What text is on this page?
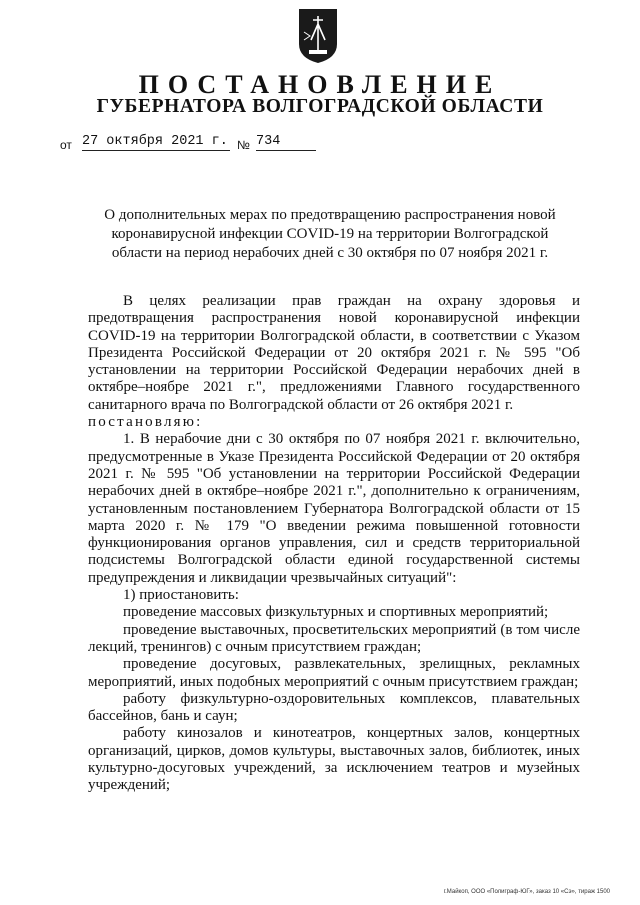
ПОСТАНОВЛЕНИЕ
ГУБЕРНАТОРА ВОЛГОГРАДСКОЙ ОБЛАСТИ
от 27 октября 2021 г. № 734
О дополнительных мерах по предотвращению распространения новой коронавирусной инфекции COVID-19 на территории Волгоградской области на период нерабочих дней с 30 октября по 07 ноября 2021 г.

В целях реализации прав граждан на охрану здоровья и предотвращения распространения новой коронавирусной инфекции COVID-19 на территории Волгоградской области, в соответствии с Указом Президента Российской Федерации от 20 октября 2021 г. № 595 "Об установлении на территории Российской Федерации нерабочих дней в октябре–ноябре 2021 г.", предложениями Главного государственного санитарного врача по Волгоградской области от 26 октября 2021 г.

постановляю:

1. В нерабочие дни с 30 октября по 07 ноября 2021 г. включительно, предусмотренные в Указе Президента Российской Федерации от 20 октября 2021 г. № 595 "Об установлении на территории Российской Федерации нерабочих дней в октябре–ноябре 2021 г.", дополнительно к ограничениям, установленным постановлением Губернатора Волгоградской области от 15 марта 2020 г. № 179 "О введении режима повышенной готовности функционирования органов управления, сил и средств территориальной подсистемы Волгоградской области единой государственной системы предупреждения и ликвидации чрезвычайных ситуаций":

1) приостановить:

проведение массовых физкультурных и спортивных мероприятий;

проведение выставочных, просветительских мероприятий (в том числе лекций, тренингов) с очным присутствием граждан;

проведение досуговых, развлекательных, зрелищных, рекламных мероприятий, иных подобных мероприятий с очным присутствием граждан;

работу физкультурно-оздоровительных комплексов, плавательных бассейнов, бань и саун;

работу кинозалов и кинотеатров, концертных залов, концертных организаций, цирков, домов культуры, выставочных залов, библиотек, иных культурно-досуговых учреждений, за исключением театров и музейных учреждений;

г.Майкоп, ООО «Полиграф-ЮГ», заказ 10 «Сэ», тираж 1500
